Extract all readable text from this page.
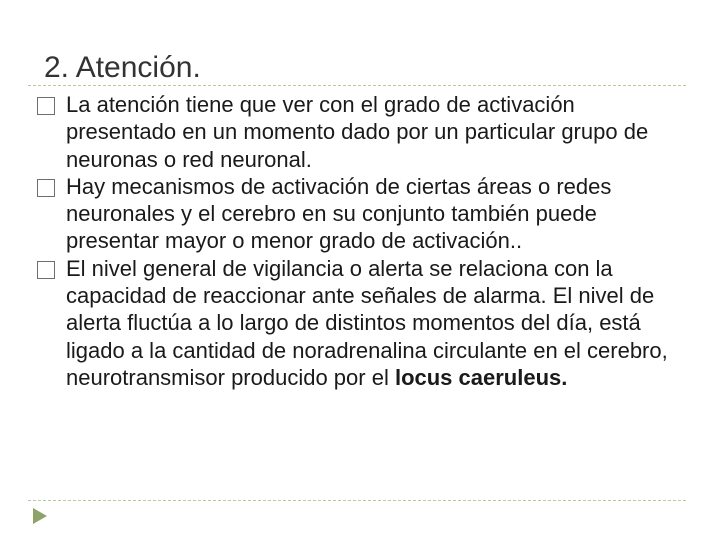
2. Atención.

La atención tiene que ver con el grado de activación presentado en un momento dado por un particular grupo de neuronas o red neuronal.

Hay mecanismos de activación de ciertas áreas o redes neuronales y el cerebro en su conjunto también puede presentar mayor o menor grado de activación..

El nivel general de vigilancia o alerta se relaciona con la capacidad de reaccionar ante señales de alarma. El nivel de alerta fluctúa a lo largo de distintos momentos del día, está ligado a la cantidad de noradrenalina circulante en el cerebro, neurotransmisor producido por el locus caeruleus.
